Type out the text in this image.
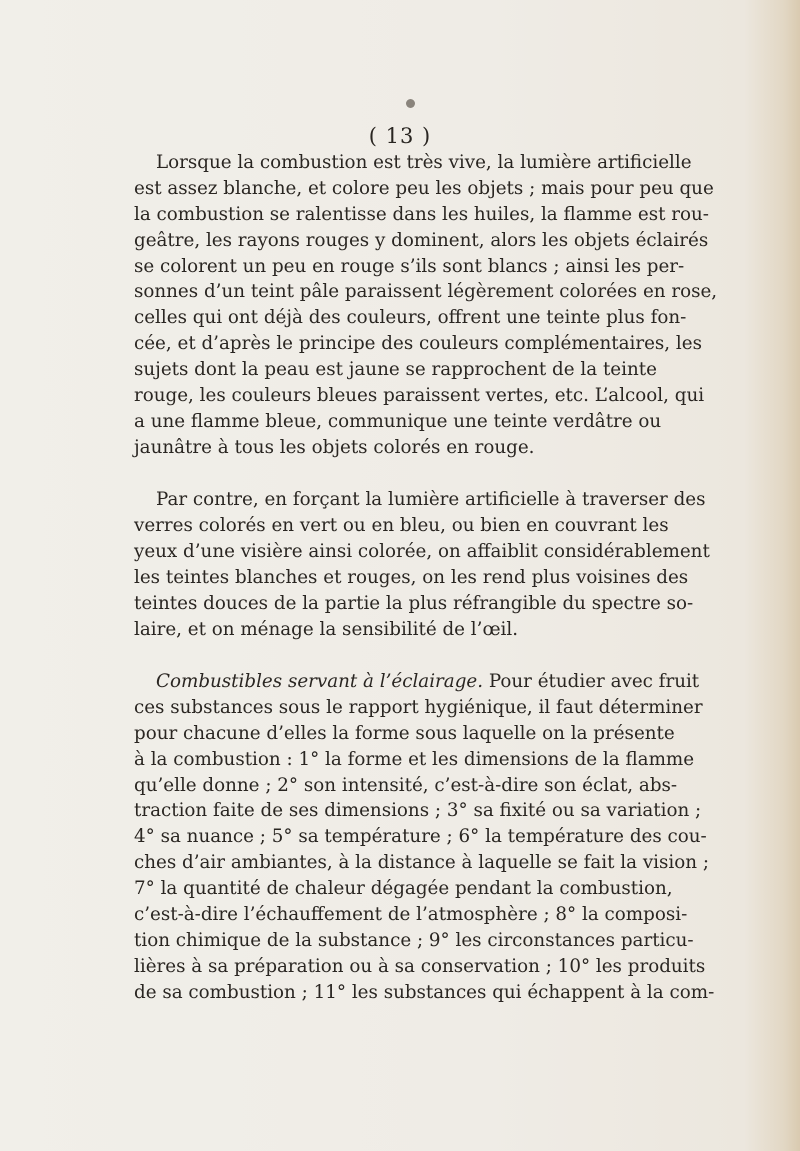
( 13 )
Lorsque la combustion est très vive, la lumière artificielle
est assez blanche, et colore peu les objets ; mais pour peu que
la combustion se ralentisse dans les huiles, la flamme est rou-
geâtre, les rayons rouges y dominent, alors les objets éclairés
se colorent un peu en rouge s’ils sont blancs ; ainsi les per-
sonnes d’un teint pâle paraissent légèrement colorées en rose,
celles qui ont déjà des couleurs, offrent une teinte plus fon-
cée, et d’après le principe des couleurs complémentaires, les
sujets dont la peau est jaune se rapprochent de la teinte
rouge, les couleurs bleues paraissent vertes, etc. L’alcool, qui
a une flamme bleue, communique une teinte verdâtre ou
jaunâtre à tous les objets colorés en rouge.
Par contre, en forçant la lumière artificielle à traverser des
verres colorés en vert ou en bleu, ou bien en couvrant les
yeux d’une visière ainsi colorée, on affaiblit considérablement
les teintes blanches et rouges, on les rend plus voisines des
teintes douces de la partie la plus réfrangible du spectre so-
laire, et on ménage la sensibilité de l’œil.
Combustibles servant à l’éclairage. Pour étudier avec fruit
ces substances sous le rapport hygiénique, il faut déterminer
pour chacune d’elles la forme sous laquelle on la présente
à la combustion : 1° la forme et les dimensions de la flamme
qu’elle donne ; 2° son intensité, c’est-à-dire son éclat, abs-
traction faite de ses dimensions ; 3° sa fixité ou sa variation ;
4° sa nuance ; 5° sa température ; 6° la température des cou-
ches d’air ambiantes, à la distance à laquelle se fait la vision ;
7° la quantité de chaleur dégagée pendant la combustion,
c’est-à-dire l’échauffement de l’atmosphère ; 8° la composi-
tion chimique de la substance ; 9° les circonstances particu-
lières à sa préparation ou à sa conservation ; 10° les produits
de sa combustion ; 11° les substances qui échappent à la com-
